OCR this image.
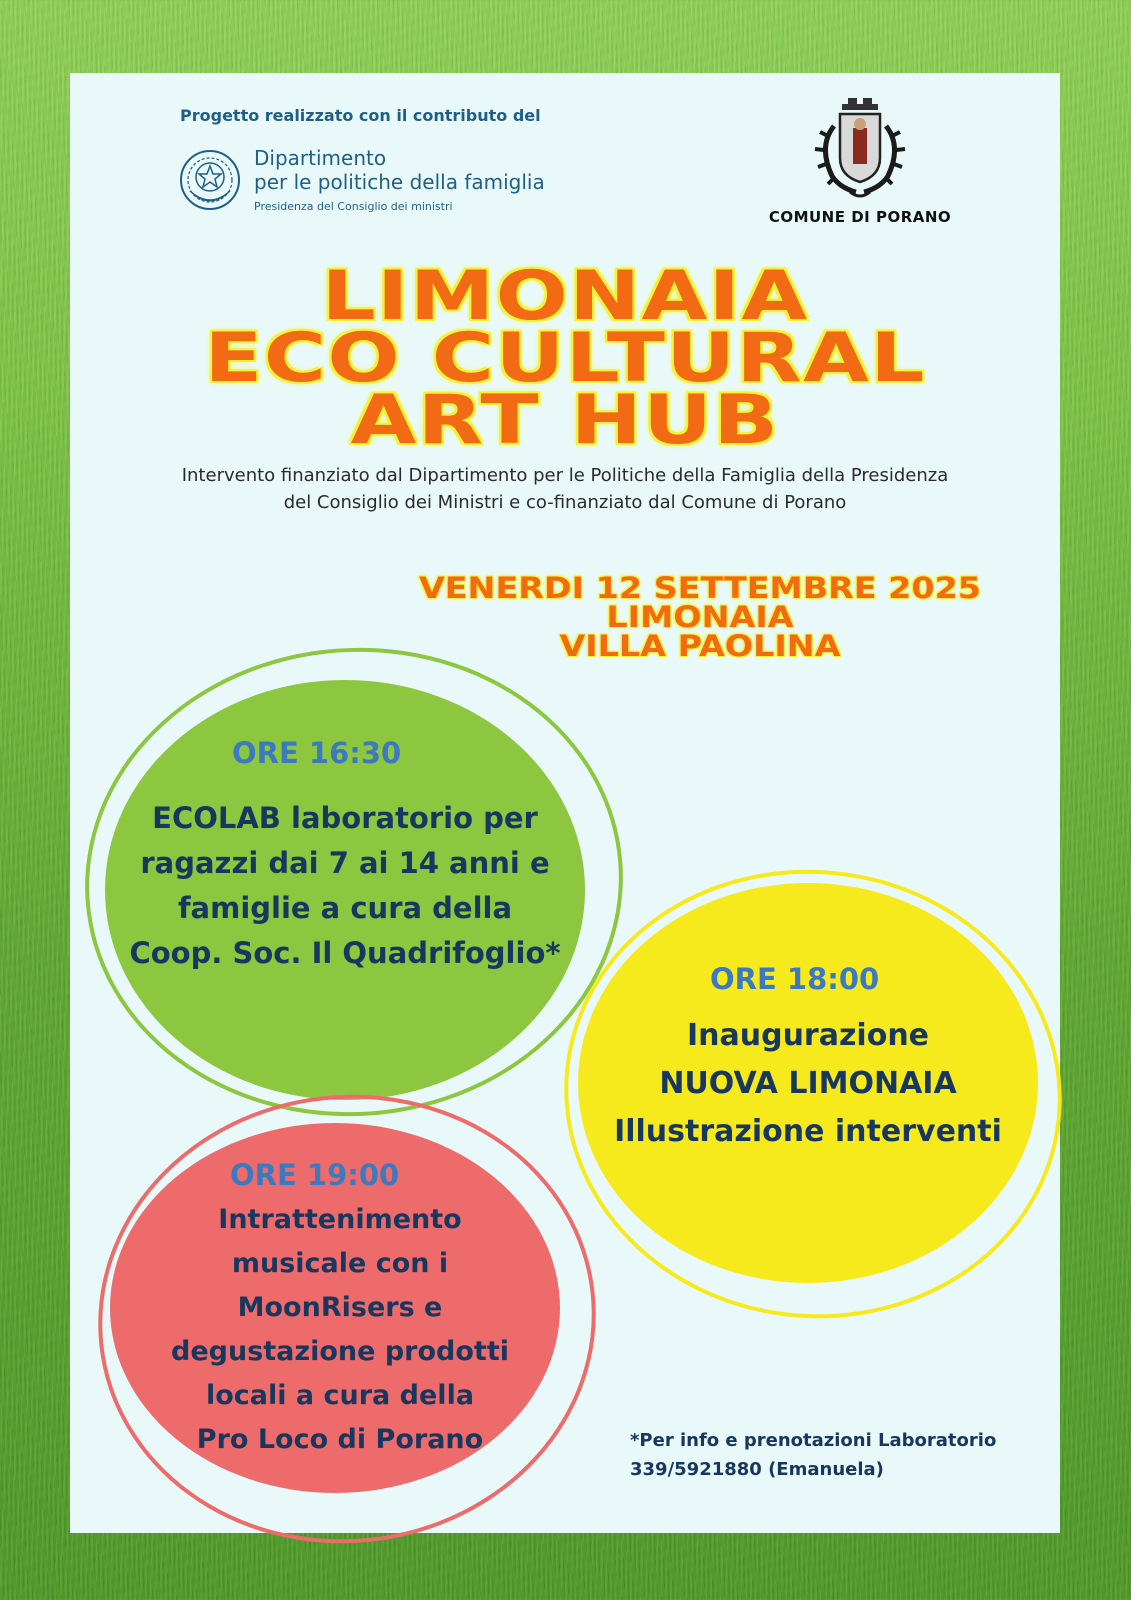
Progetto realizzato con il contributo del
Dipartimento
per le politiche della famiglia
Presidenza del Consiglio dei ministri
COMUNE DI PORANO
LIMONAIA
ECO CULTURAL
ART HUB
Intervento finanziato dal Dipartimento per le Politiche della Famiglia della Presidenza
del Consiglio dei Ministri e co-finanziato dal Comune di Porano
VENERDI 12 SETTEMBRE 2025
LIMONAIA
VILLA PAOLINA
ORE 16:30
ECOLAB laboratorio per
ragazzi dai 7 ai 14 anni e
famiglie a cura della
Coop. Soc. Il Quadrifoglio*
ORE 18:00
Inaugurazione
NUOVA LIMONAIA
Illustrazione interventi
ORE 19:00
Intrattenimento
musicale con i
MoonRisers e
degustazione prodotti
locali a cura della
Pro Loco di Porano	*Per info e prenotazioni Laboratorio
339/5921880 (Emanuela)
